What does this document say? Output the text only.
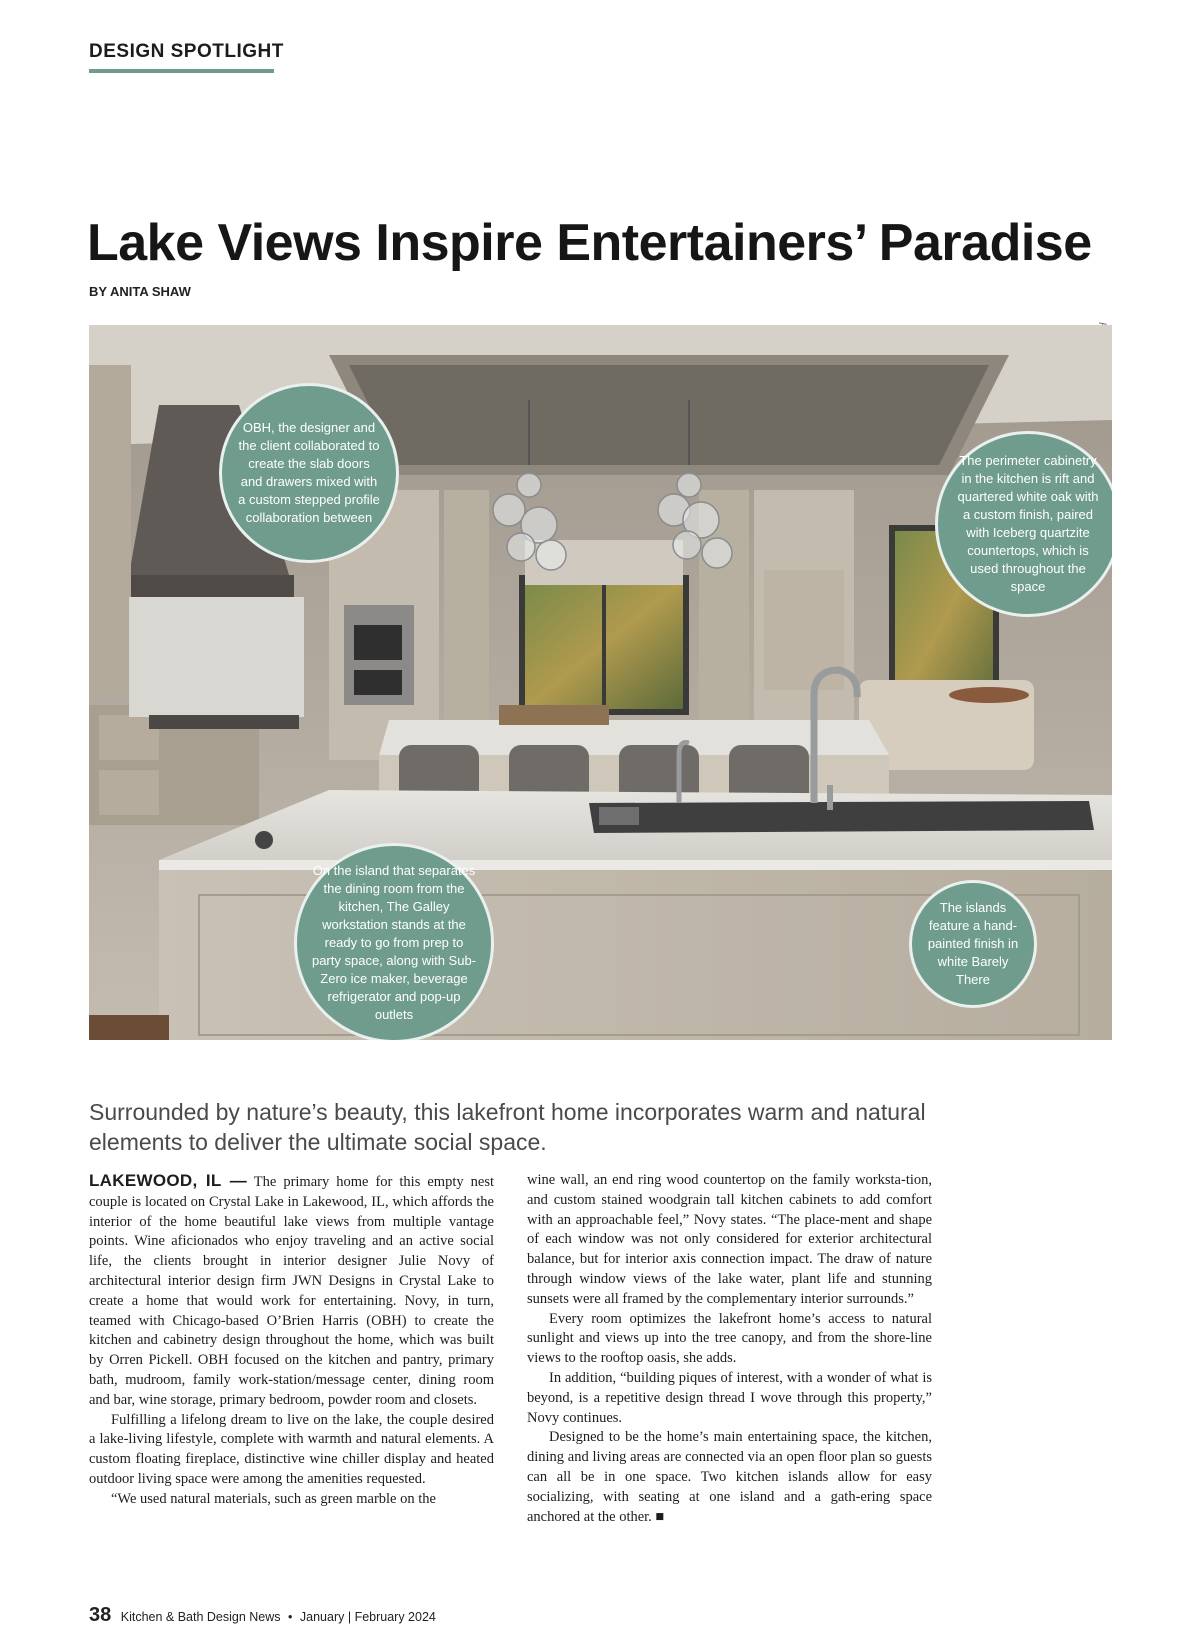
DESIGN SPOTLIGHT
Lake Views Inspire Entertainers’ Paradise
BY ANITA SHAW
OBH, the designer and the client collaborated to create the slab doors and drawers mixed with a custom stepped profile collaboration between
The perimeter cabinetry in the kitchen is rift and quartered white oak with a custom finish, paired with Iceberg quartzite countertops, which is used throughout the space
On the island that separates the dining room from the kitchen, The Galley workstation stands at the ready to go from prep to party space, along with Sub-Zero ice maker, beverage refrigerator and pop-up outlets
The islands feature a hand-painted finish in white Barely There
Surrounded by nature’s beauty, this lakefront home incorporates warm and natural elements to deliver the ultimate social space.

LAKEWOOD, IL — The primary home for this empty nest couple is located on Crystal Lake in Lakewood, IL, which affords the interior of the home beautiful lake views from multiple vantage points. Wine aficionados who enjoy traveling and an active social life, the clients brought in interior designer Julie Novy of architectural interior design firm JWN Designs in Crystal Lake to create a home that would work for entertaining. Novy, in turn, teamed with Chicago-based O’Brien Harris (OBH) to create the kitchen and cabinetry design throughout the home, which was built by Orren Pickell. OBH focused on the kitchen and pantry, primary bath, mudroom, family work-station/message center, dining room and bar, wine storage, primary bedroom, powder room and closets.

Fulfilling a lifelong dream to live on the lake, the couple desired a lake-living lifestyle, complete with warmth and natural elements. A custom floating fireplace, distinctive wine chiller display and heated outdoor living space were among the amenities requested.

“We used natural materials, such as green marble on the

wine wall, an end ring wood countertop on the family worksta-tion, and custom stained woodgrain tall kitchen cabinets to add comfort with an approachable feel,” Novy states. “The place-ment and shape of each window was not only considered for exterior architectural balance, but for interior axis connection impact. The draw of nature through window views of the lake water, plant life and stunning sunsets were all framed by the complementary interior surrounds.”

Every room optimizes the lakefront home’s access to natural sunlight and views up into the tree canopy, and from the shore-line views to the rooftop oasis, she adds.

In addition, “building piques of interest, with a wonder of what is beyond, is a repetitive design thread I wove through this property,” Novy continues.

Designed to be the home’s main entertaining space, the kitchen, dining and living areas are connected via an open floor plan so guests can all be in one space. Two kitchen islands allow for easy socializing, with seating at one island and a gath-ering space anchored at the other. ■

38 Kitchen & Bath Design News • January | February 2024
